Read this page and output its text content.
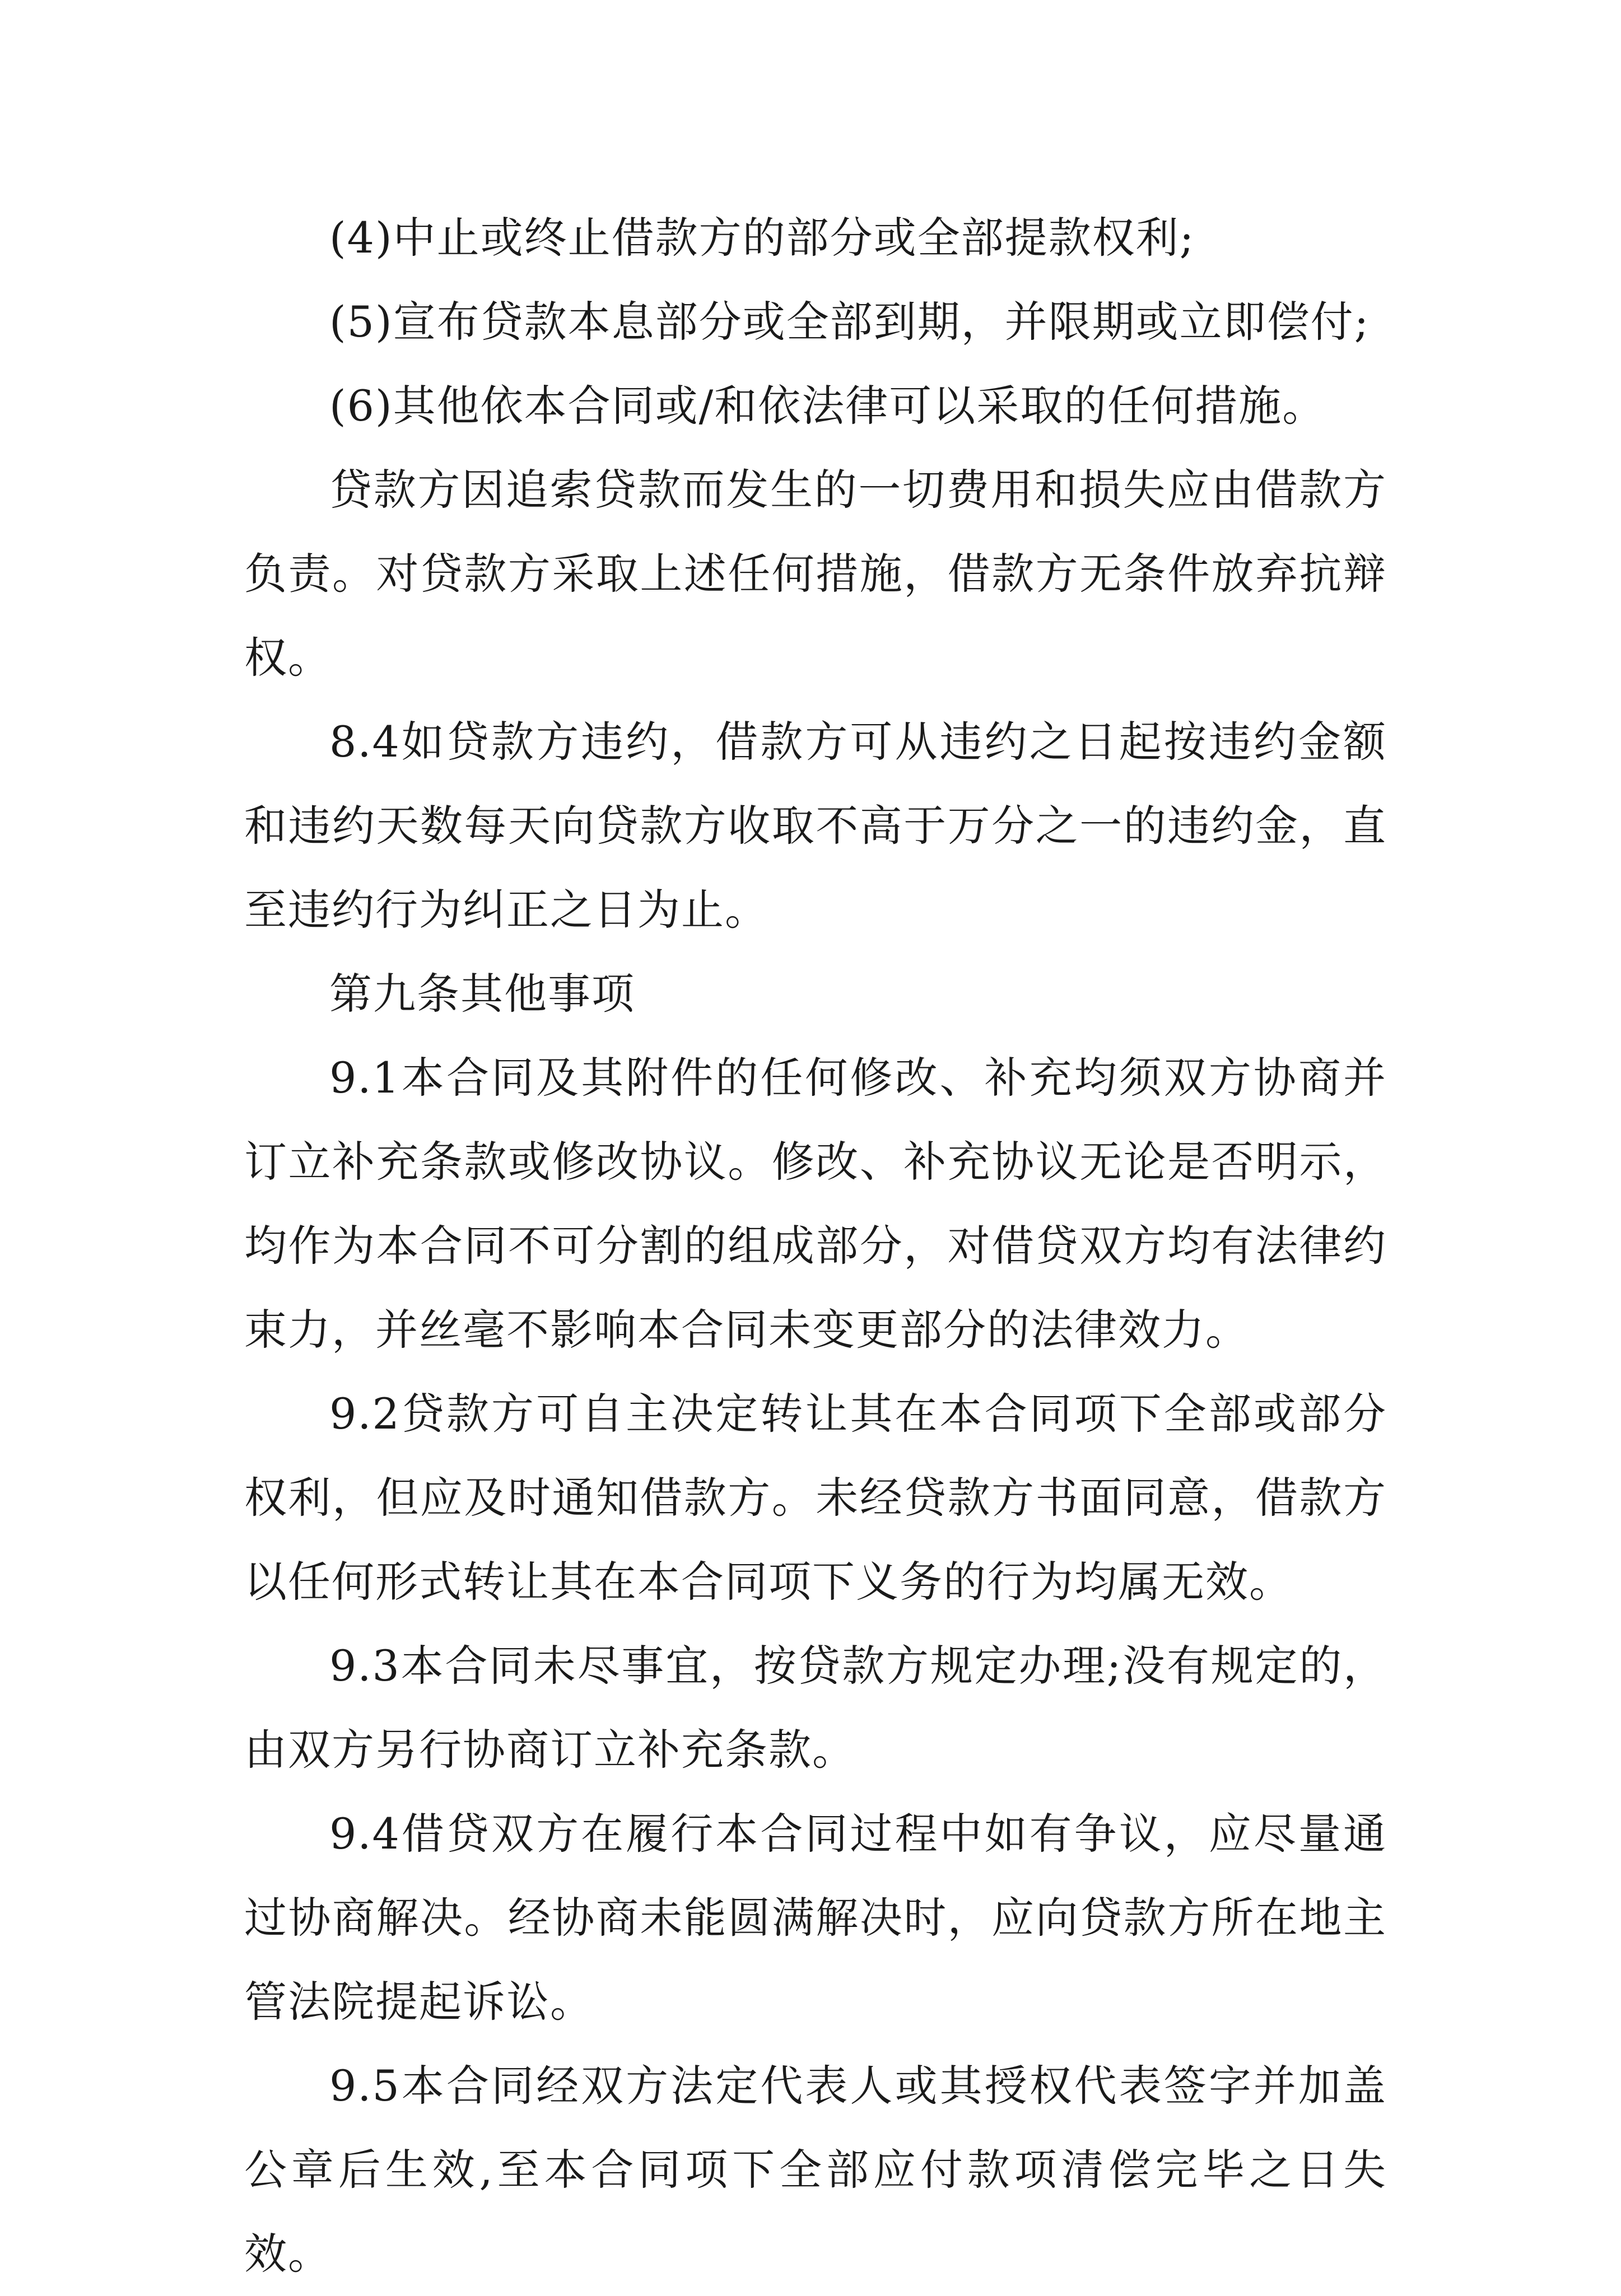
(4)中止或终止借款方的部分或全部提款权利;

(5)宣布贷款本息部分或全部到期，并限期或立即偿付;

(6)其他依本合同或/和依法律可以采取的任何措施。

贷款方因追索贷款而发生的一切费用和损失应由借款方负责。对贷款方采取上述任何措施，借款方无条件放弃抗辩权。

8.4如贷款方违约，借款方可从违约之日起按违约金额和违约天数每天向贷款方收取不高于万分之一的违约金，直至违约行为纠正之日为止。

第九条其他事项

9.1本合同及其附件的任何修改、补充均须双方协商并订立补充条款或修改协议。修改、补充协议无论是否明示，均作为本合同不可分割的组成部分，对借贷双方均有法律约束力，并丝毫不影响本合同未变更部分的法律效力。

9.2贷款方可自主决定转让其在本合同项下全部或部分权利，但应及时通知借款方。未经贷款方书面同意，借款方以任何形式转让其在本合同项下义务的行为均属无效。

9.3本合同未尽事宜，按贷款方规定办理;没有规定的，由双方另行协商订立补充条款。

9.4借贷双方在履行本合同过程中如有争议，应尽量通过协商解决。经协商未能圆满解决时，应向贷款方所在地主管法院提起诉讼。

9.5本合同经双方法定代表人或其授权代表签字并加盖公章后生效,至本合同项下全部应付款项清偿完毕之日失效。
